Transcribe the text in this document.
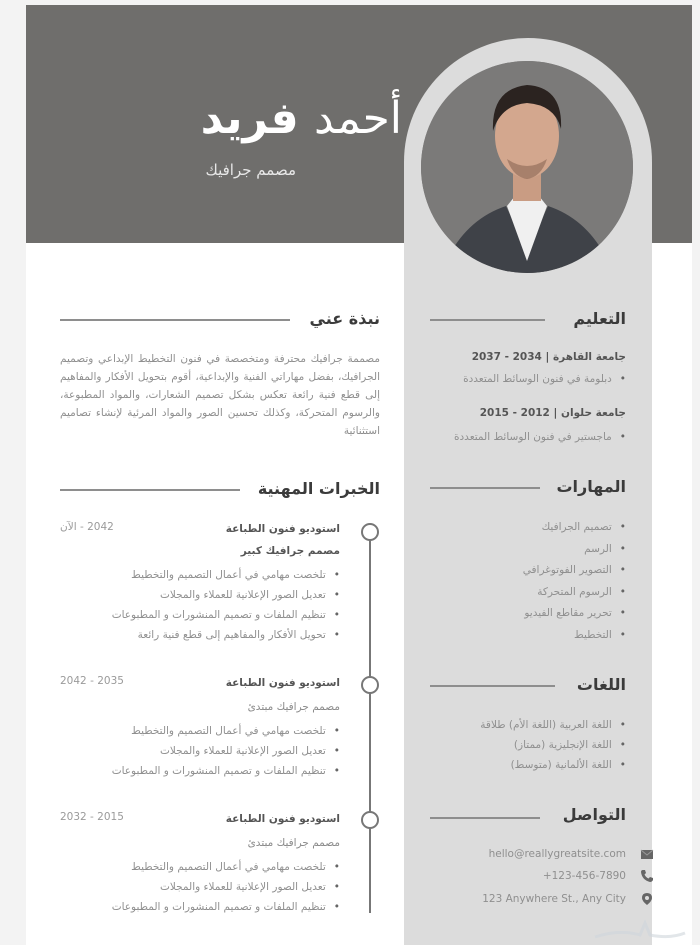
أحمد فريد
مصمم جرافيك
نبذة عني
مصممة جرافيك محترفة ومتخصصة في فنون التخطيط الإبداعي وتصميم الجرافيك، بفضل مهاراتي الفنية والإبداعية، أقوم بتحويل الأفكار والمفاهيم إلى قطع فنية رائعة تعكس بشكل تصميم الشعارات، والمواد المطبوعة، والرسوم المتحركة، وكذلك تحسين الصور والمواد المرئية لإنشاء تصاميم استثنائية
الخبرات المهنية
استوديو فنون الطباعة
2042 - الآن
مصمم جرافيك كبير
• تلخصت مهامي في أعمال التصميم والتخطيط
• تعديل الصور الإعلانية للعملاء والمجلات
• تنظيم الملفات و تصميم المنشورات و المطبوعات
• تحويل الأفكار والمفاهيم إلى قطع فنية رائعة
استوديو فنون الطباعة
2035 - 2042
مصمم جرافيك مبتدئ
• تلخصت مهامي في أعمال التصميم والتخطيط
• تعديل الصور الإعلانية للعملاء والمجلات
• تنظيم الملفات و تصميم المنشورات و المطبوعات
استوديو فنون الطباعة
2032 - 2015
مصمم جرافيك مبتدئ
• تلخصت مهامي في أعمال التصميم والتخطيط
• تعديل الصور الإعلانية للعملاء والمجلات
• تنظيم الملفات و تصميم المنشورات و المطبوعات
التعليم
جامعة القاهرة | 2034 - 2037
• دبلومة في فنون الوسائط المتعددة
جامعة حلوان | 2012 - 2015
• ماجستير في فنون الوسائط المتعددة
المهارات
• تصميم الجرافيك
• الرسم
• التصوير الفوتوغرافي
• الرسوم المتحركة
• تحرير مقاطع الفيديو
• التخطيط
اللغات
• اللغة العربية (اللغة الأم) طلاقة
• اللغة الإنجليزية (ممتاز)
• اللغة الألمانية (متوسط)
التواصل
hello@reallygreatsite.com
+123-456-7890
123 Anywhere St., Any City
